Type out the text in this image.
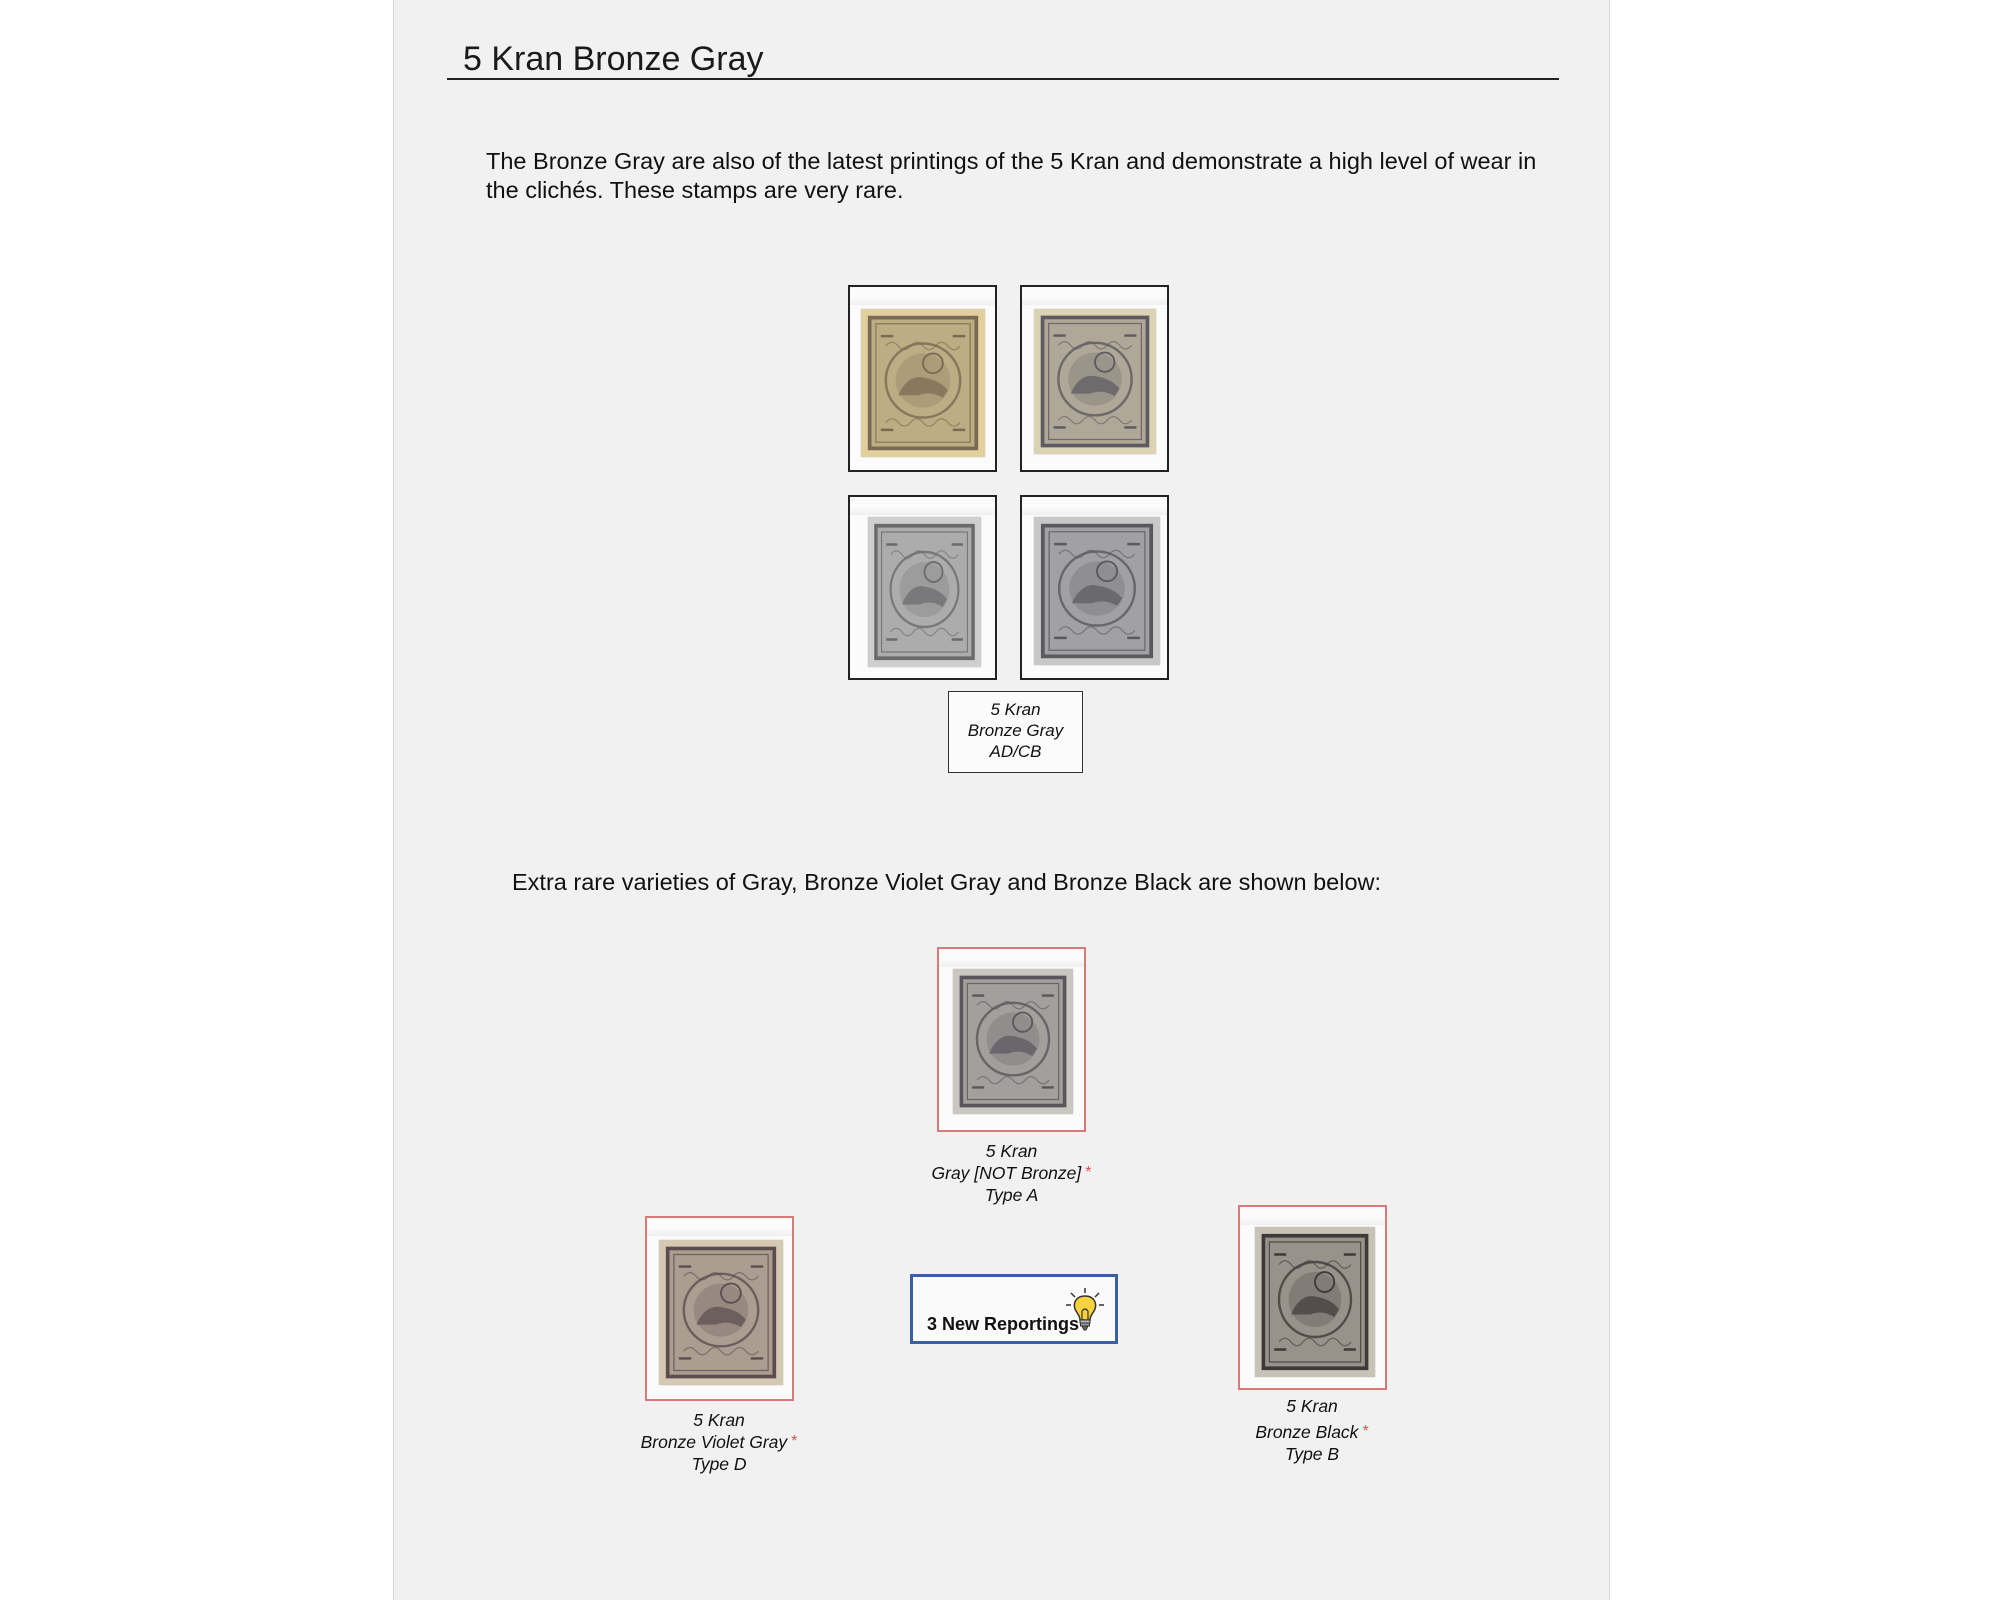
5 Kran Bronze Gray
The Bronze Gray are also of the latest printings of the 5 Kran and demonstrate a high level of wear in the clichés. These stamps are very rare.
5 Kran
Bronze Gray
AD/CB
Extra rare varieties of Gray, Bronze Violet Gray and Bronze Black are shown below:
5 Kran
Gray [NOT Bronze] *
Type A
5 Kran
Bronze Violet Gray *
Type D
3 New Reportings
5 Kran
Bronze Black *
Type B
